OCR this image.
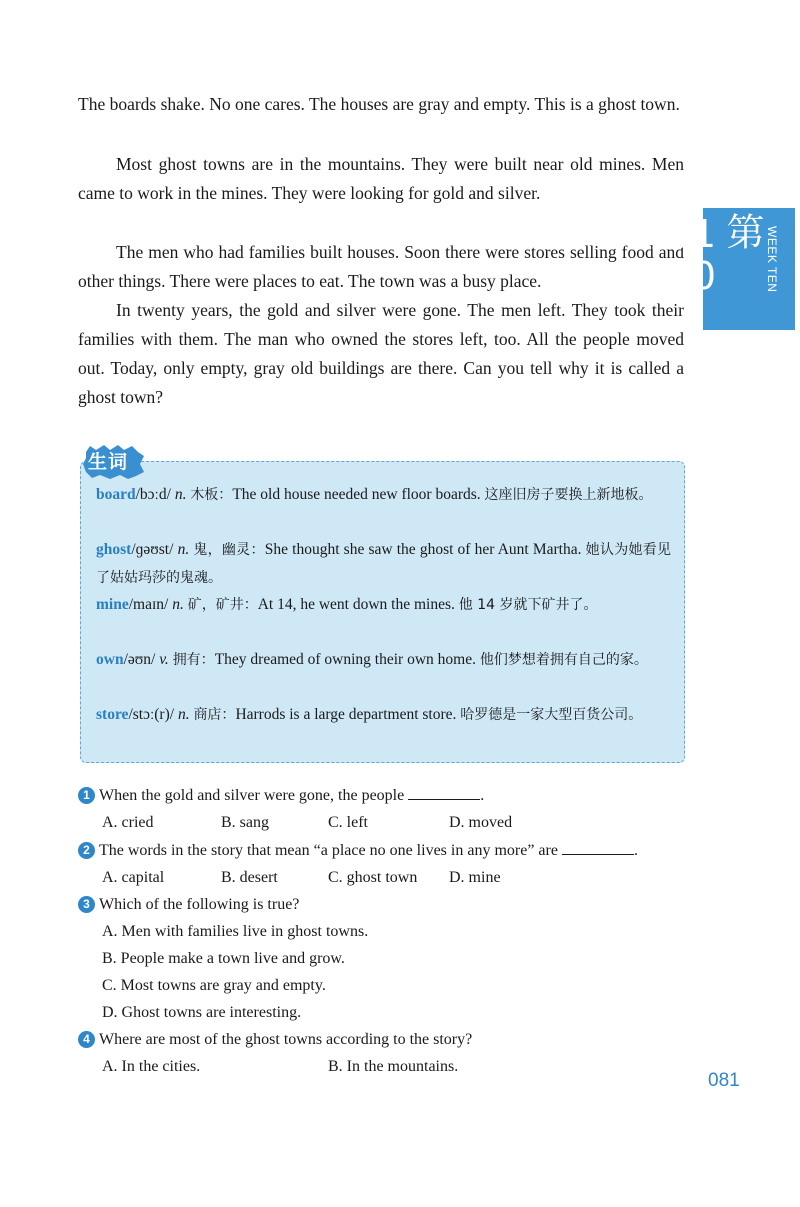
The boards shake. No one cares. The houses are gray and empty. This is a ghost town.

Most ghost towns are in the mountains. They were built near old mines. Men came to work in the mines. They were looking for gold and silver.

The men who had families built houses. Soon there were stores selling food and other things. There were places to eat. The town was a busy place.

In twenty years, the gold and silver were gone. The men left. They took their families with them. The man who owned the stores left, too. All the people moved out. Today, only empty, gray old buildings are there. Can you tell why it is called a ghost town?

第10周	WEEK TEN
生词

board/bɔːd/ n. 木板：The old house needed new floor boards. 这座旧房子要换上新地板。

ghost/ɡəʊst/ n. 鬼，幽灵：She thought she saw the ghost of her Aunt Martha. 她认为她看见了姑姑玛莎的鬼魂。

mine/maɪn/ n. 矿，矿井：At 14, he went down the mines. 他 14 岁就下矿井了。

own/əʊn/ v. 拥有：They dreamed of owning their own home. 他们梦想着拥有自己的家。

store/stɔː(r)/ n. 商店：Harrods is a large department store. 哈罗德是一家大型百货公司。

1 When the gold and silver were gone, the people	.
A. cried	B. sang	C. left	D. moved
2 The words in the story that mean “a place no one lives in any more” are	.
A. capital	B. desert	C. ghost town D. mine
3 Which of the following is true?
A. Men with families live in ghost towns.
B. People make a town live and grow.
C. Most towns are gray and empty.
D. Ghost towns are interesting.
4 Where are most of the ghost towns according to the story?
A. In the cities.	B. In the mountains.
081
